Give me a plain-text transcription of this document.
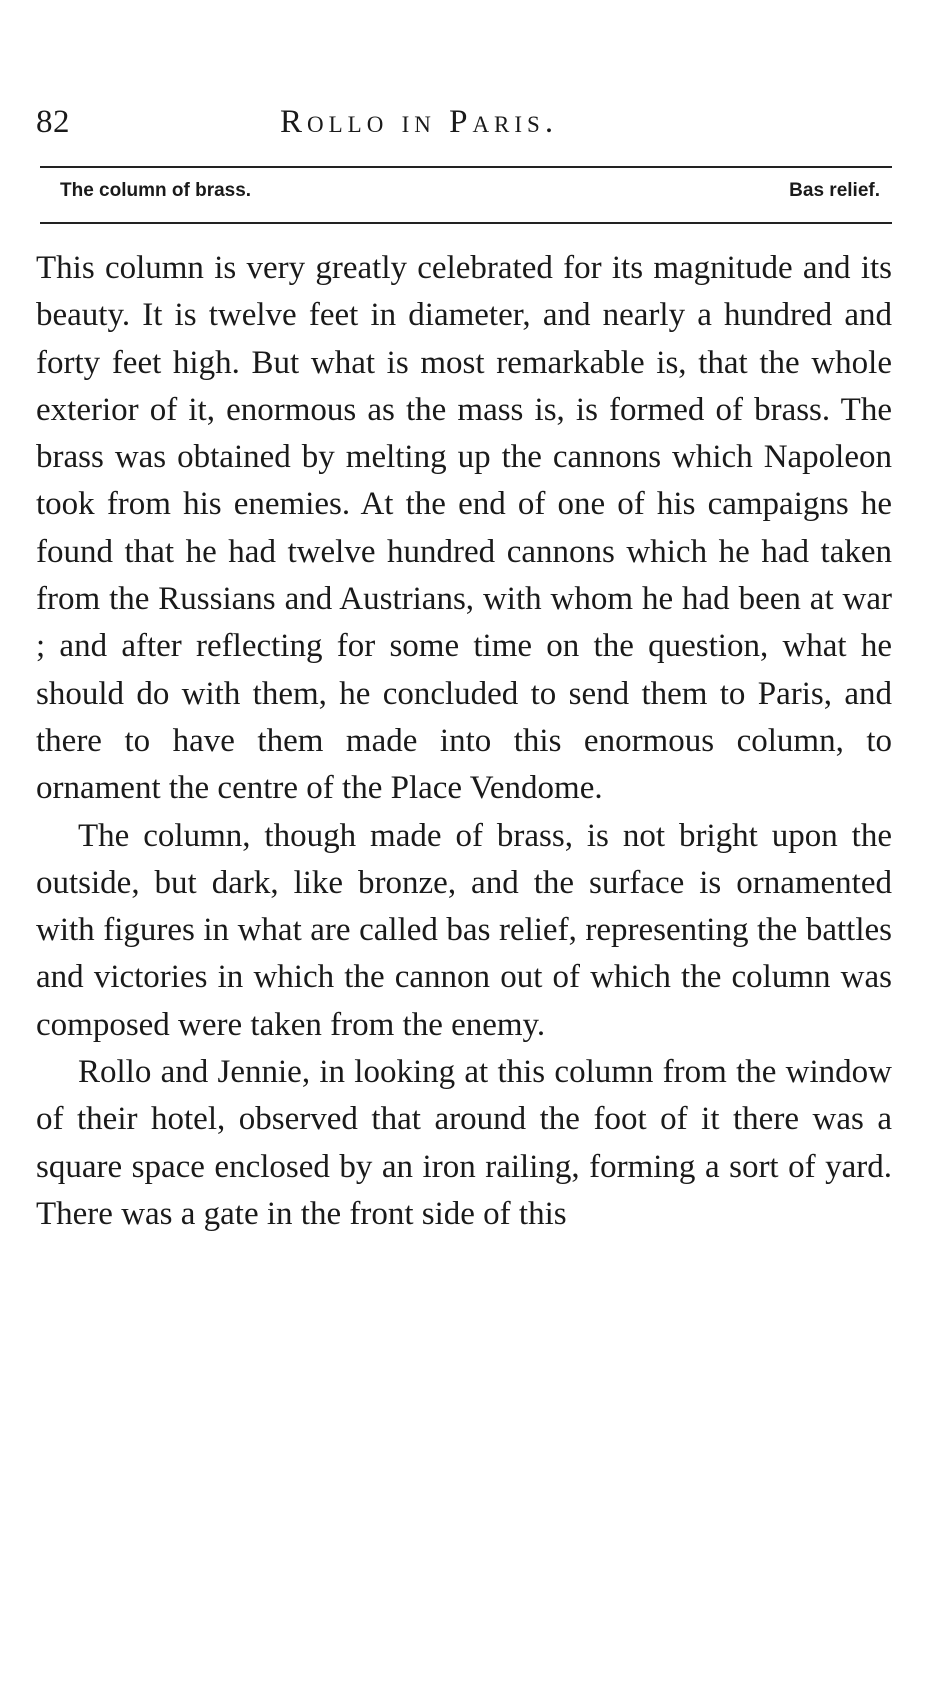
82	Rollo in Paris.
The column of brass.	Bas relief.

This column is very greatly celebrated for its magnitude and its beauty. It is twelve feet in diameter, and nearly a hundred and forty feet high. But what is most remarkable is, that the whole exterior of it, enormous as the mass is, is formed of brass. The brass was obtained by melting up the cannons which Napoleon took from his enemies. At the end of one of his campaigns he found that he had twelve hundred cannons which he had taken from the Russians and Austrians, with whom he had been at war ; and after reflecting for some time on the question, what he should do with them, he concluded to send them to Paris, and there to have them made into this enormous column, to ornament the centre of the Place Vendome.

The column, though made of brass, is not bright upon the outside, but dark, like bronze, and the surface is ornamented with figures in what are called bas relief, representing the battles and victories in which the cannon out of which the column was composed were taken from the enemy.

Rollo and Jennie, in looking at this column from the window of their hotel, observed that around the foot of it there was a square space enclosed by an iron railing, forming a sort of yard. There was a gate in the front side of this
